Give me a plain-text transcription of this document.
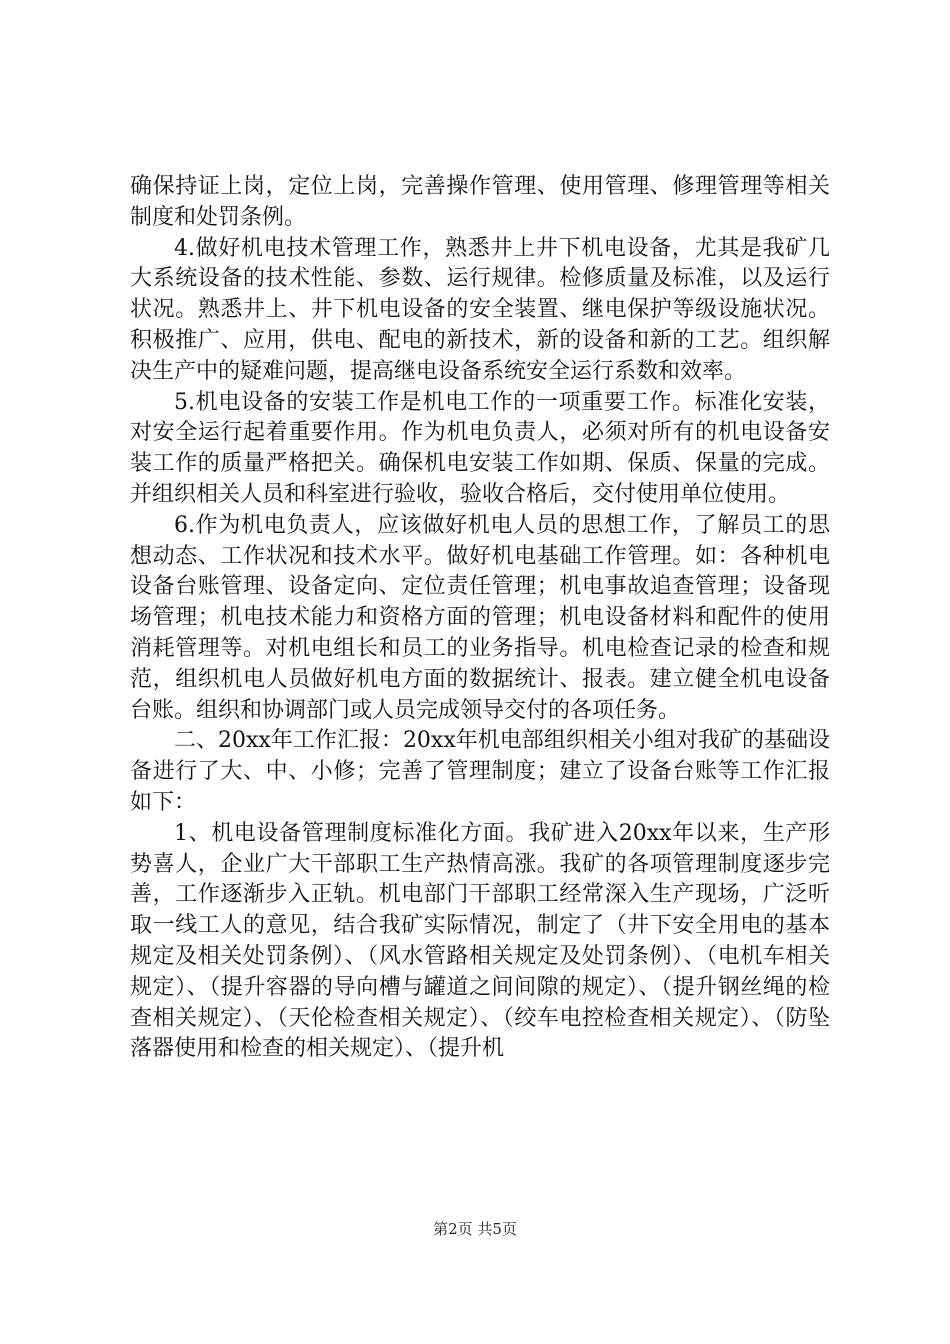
确保持证上岗，定位上岗，完善操作管理、使用管理、修理管理等相关制度和处罚条例。

4.做好机电技术管理工作，熟悉井上井下机电设备，尤其是我矿几大系统设备的技术性能、参数、运行规律。检修质量及标准，以及运行状况。熟悉井上、井下机电设备的安全装置、继电保护等级设施状况。积极推广、应用，供电、配电的新技术，新的设备和新的工艺。组织解决生产中的疑难问题，提高继电设备系统安全运行系数和效率。

5.机电设备的安装工作是机电工作的一项重要工作。标准化安装，对安全运行起着重要作用。作为机电负责人，必须对所有的机电设备安装工作的质量严格把关。确保机电安装工作如期、保质、保量的完成。并组织相关人员和科室进行验收，验收合格后，交付使用单位使用。

6.作为机电负责人，应该做好机电人员的思想工作，了解员工的思想动态、工作状况和技术水平。做好机电基础工作管理。如：各种机电设备台账管理、设备定向、定位责任管理；机电事故追查管理；设备现场管理；机电技术能力和资格方面的管理；机电设备材料和配件的使用消耗管理等。对机电组长和员工的业务指导。机电检查记录的检查和规范，组织机电人员做好机电方面的数据统计、报表。建立健全机电设备台账。组织和协调部门或人员完成领导交付的各项任务。

二、20xx年工作汇报：20xx年机电部组织相关小组对我矿的基础设备进行了大、中、小修；完善了管理制度；建立了设备台账等工作汇报如下：

1、机电设备管理制度标准化方面。我矿进入20xx年以来，生产形势喜人，企业广大干部职工生产热情高涨。我矿的各项管理制度逐步完善，工作逐渐步入正轨。机电部门干部职工经常深入生产现场，广泛听取一线工人的意见，结合我矿实际情况，制定了（井下安全用电的基本规定及相关处罚条例）、（风水管路相关规定及处罚条例）、（电机车相关规定）、（提升容器的导向槽与罐道之间间隙的规定）、（提升钢丝绳的检查相关规定）、（天伦检查相关规定）、（绞车电控检查相关规定）、（防坠落器使用和检查的相关规定）、（提升机

第2页 共5页
